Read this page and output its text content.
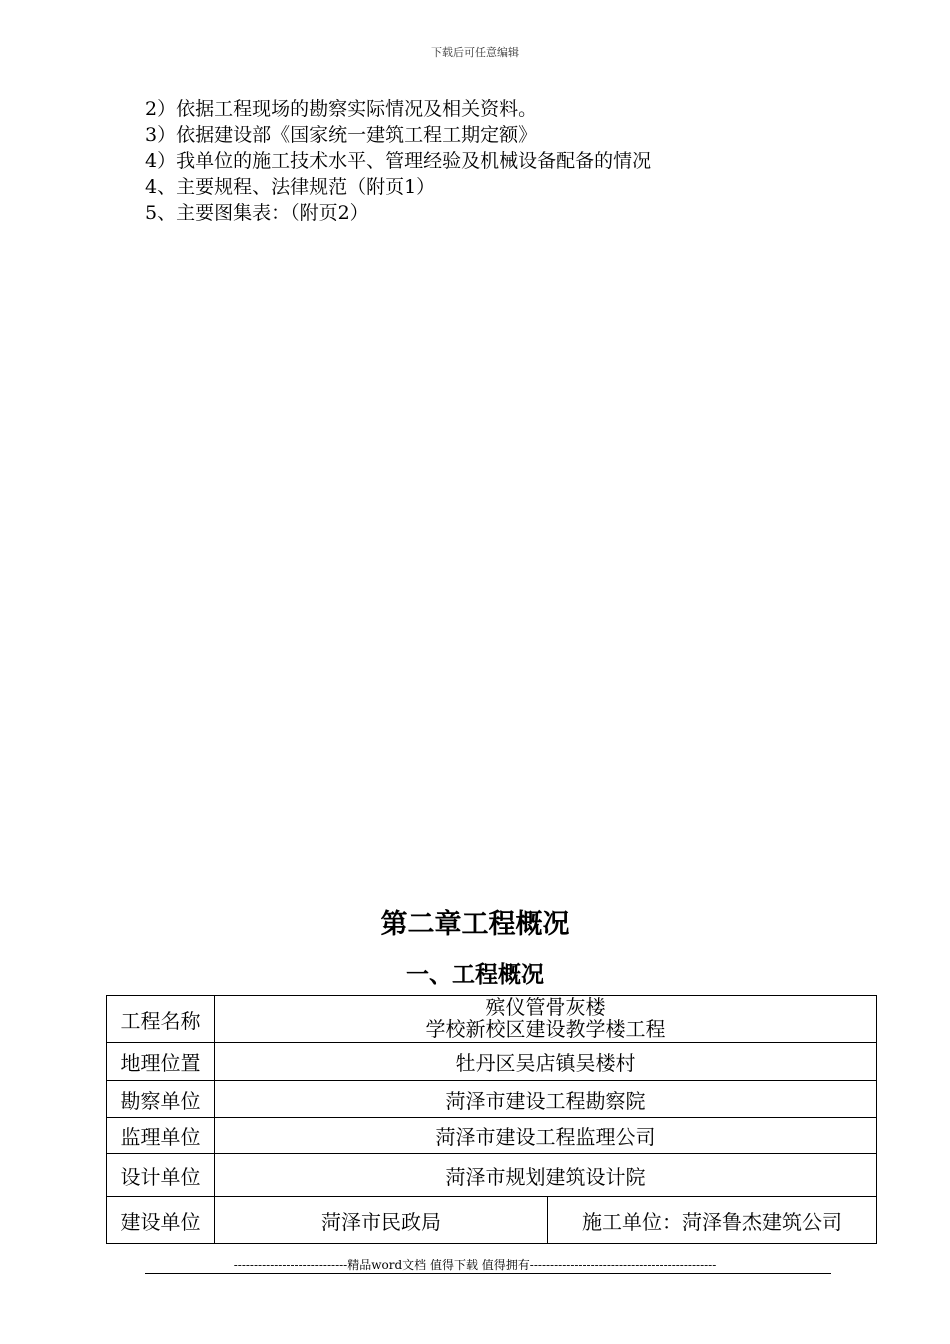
下载后可任意编辑
2）依据工程现场的勘察实际情况及相关资料。
3）依据建设部《国家统一建筑工程工期定额》
4）我单位的施工技术水平、管理经验及机械设备配备的情况
4、主要规程、法律规范（附页1）
5、主要图集表：（附页2）
第二章工程概况
一、工程概况
工程名称	殡仪管骨灰楼
学校新校区建设教学楼工程	

地理位置	牡丹区吴店镇吴楼村	
勘察单位	菏泽市建设工程勘察院	
监理单位	菏泽市建设工程监理公司	
设计单位	菏泽市规划建筑设计院	
建设单位	菏泽市民政局	施工单位：菏泽鲁杰建筑公司
----------------------------精品word文档 值得下载 值得拥有----------------------------------------------
